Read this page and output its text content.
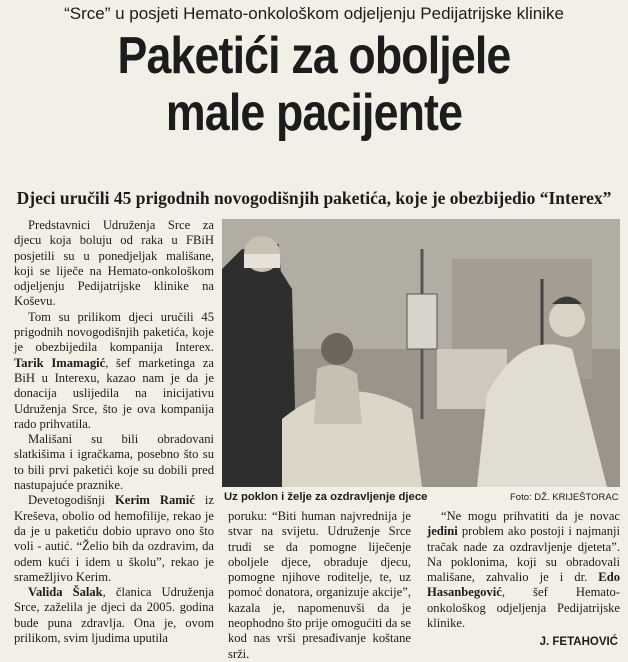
“Srce” u posjeti Hemato-onkološkom odjeljenju Pedijatrijske klinike
Paketići za oboljele
male pacijente
Djeci uručili 45 prigodnih novogodišnjih paketića, koje je obezbijedio “Interex”

Predstavnici Udruženja Srce za djecu koja boluju od raka u FBiH posjetili su u ponedjeljak mališane, koji se liječe na Hemato-onkološkom odjeljenju Pedijatrijske klinike na Koševu.

Tom su prilikom djeci uručili 45 prigodnih novogodišnjih paketića, koje je obezbijedila kompanija Interex. Tarik Imamagić, šef marketinga za BiH u Interexu, kazao nam je da je donacija uslijedila na inicijativu Udruženja Srce, što je ova kompanija rado prihvatila.

Mališani su bili obradovani slatkišima i igračkama, posebno što su to bili prvi paketići koje su dobili pred nastupajuće praznike.

Devetogodišnji Kerim Ramić iz Kreševa, obolio od hemofilije, rekao je da je u paketiću dobio upravo ono što voli - autić. “Želio bih da ozdravim, da odem kući i idem u školu”, rekao je sramežljivo Kerim.

Valida Šalak, članica Udruženja Srce, zaželila je djeci da 2005. godina bude puna zdravlja. Ona je, ovom prilikom, svim ljudima uputila

Uz poklon i želje za ozdravljenje djece	Foto: DŽ. KRIJEŠTORAC

poruku: “Biti human najvrednija je stvar na svijetu. Udruženje Srce trudi se da pomogne liječenje oboljele djece, obraduje djecu, pomogne njihove roditelje, te, uz pomoć donatora, organizuje akcije”, kazala je, napomenuvši da je neophodno što prije omogućiti da se kod nas vrši presađivanje koštane srži.

“Ne mogu prihvatiti da je novac jedini problem ako postoji i najmanji tračak nade za ozdravljenje djeteta”. Na poklonima, koji su obradovali mališane, zahvalio je i dr. Edo Hasanbegović, šef Hemato-onkološkog odjeljenja Pedijatrijske klinike.

J. FETAHOVIĆ
